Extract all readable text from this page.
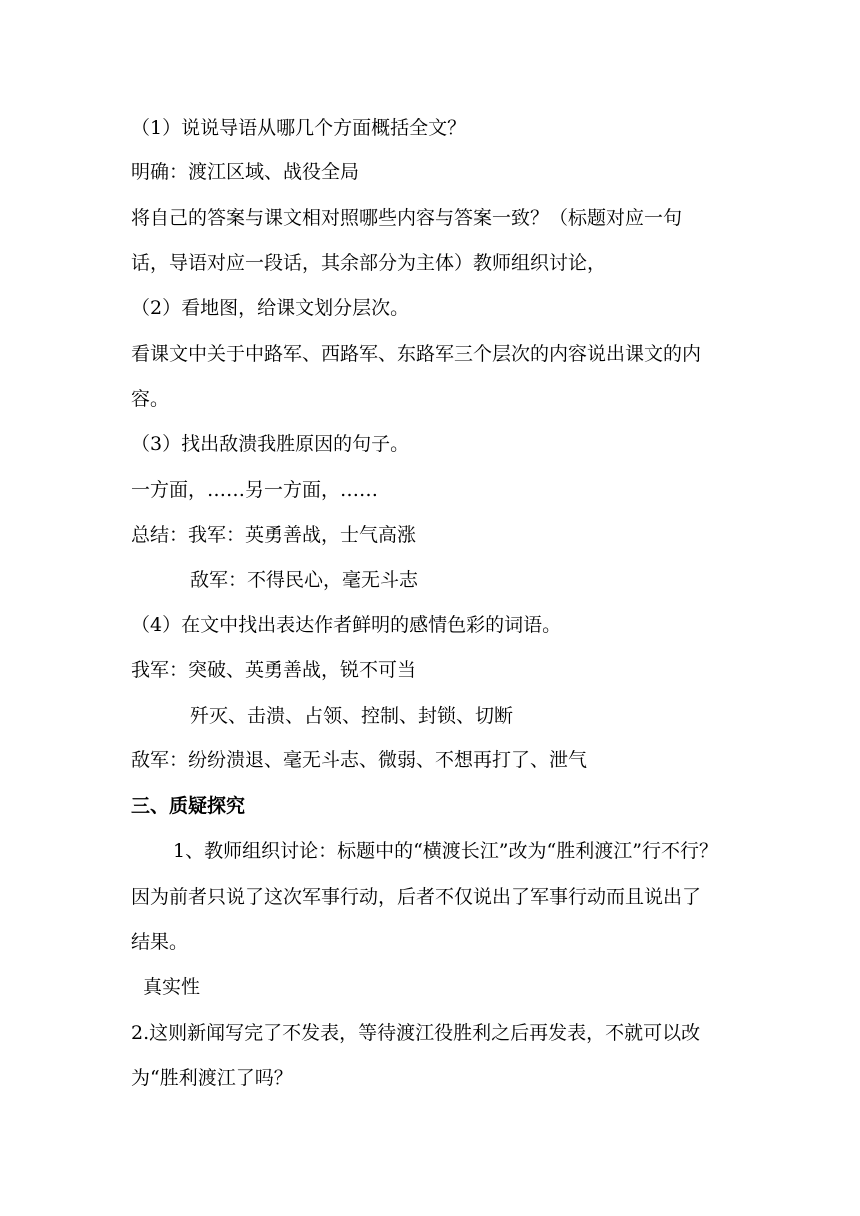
（1）说说导语从哪几个方面概括全文？
明确：渡江区域、战役全局
将自己的答案与课文相对照哪些内容与答案一致？（标题对应一句
话，导语对应一段话，其余部分为主体）教师组织讨论，
（2）看地图，给课文划分层次。
看课文中关于中路军、西路军、东路军三个层次的内容说出课文的内
容。
（3）找出敌溃我胜原因的句子。
一方面，……另一方面，……
总结：我军：英勇善战，士气高涨
敌军：不得民心，毫无斗志
（4）在文中找出表达作者鲜明的感情色彩的词语。
我军：突破、英勇善战，锐不可当
歼灭、击溃、占领、控制、封锁、切断
敌军：纷纷溃退、毫无斗志、微弱、不想再打了、泄气
三、质疑探究
1、教师组织讨论：标题中的“横渡长江”改为“胜利渡江”行不行？
因为前者只说了这次军事行动，后者不仅说出了军事行动而且说出了
结果。
真实性
2.这则新闻写完了不发表，等待渡江役胜利之后再发表，不就可以改
为“胜利渡江了吗？
